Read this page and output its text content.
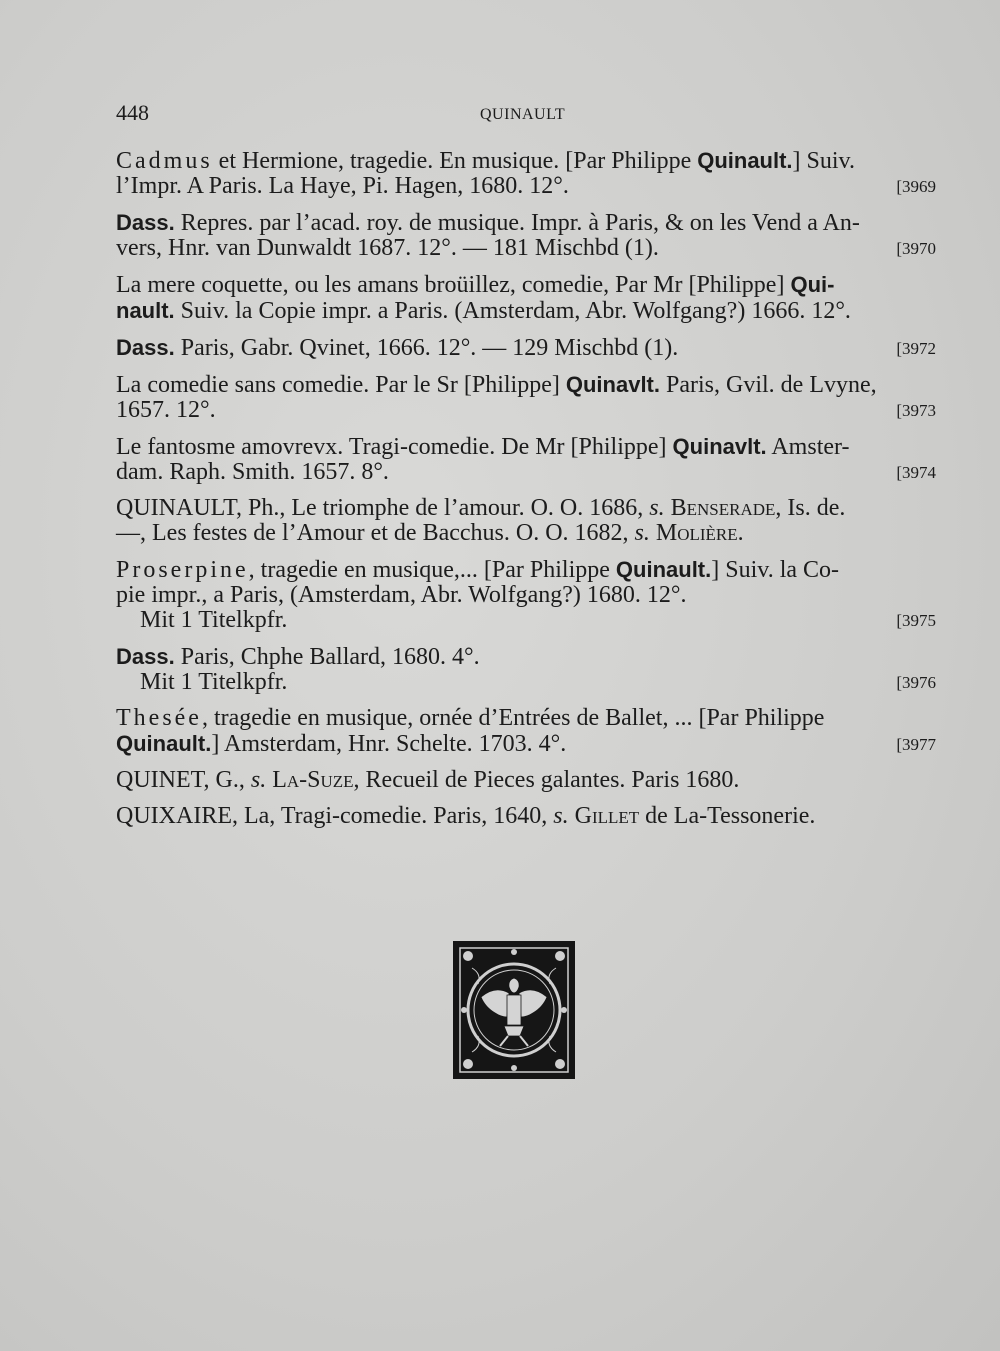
448	QUINAULT
Cadmus et Hermione, tragedie. En musique. [Par Philippe Quinault.] Suiv.
l’Impr. A Paris. La Haye, Pi. Hagen, 1680. 12°.	[3969
Dass. Repres. par l’acad. roy. de musique. Impr. à Paris, & on les Vend a An-
vers, Hnr. van Dunwaldt 1687. 12°. — 181 Mischbd (1).	[3970
La mere coquette, ou les amans broüillez, comedie, Par Mr [Philippe] Qui-
nault. Suiv. la Copie impr. a Paris. (Amsterdam, Abr. Wolfgang?) 1666. 12°.
Dass. Paris, Gabr. Qvinet, 1666. 12°. — 129 Mischbd (1).	[3972
La comedie sans comedie. Par le Sr [Philippe] Quinavlt. Paris, Gvil. de Lvyne,
1657. 12°.	[3973
Le fantosme amovrevx. Tragi-comedie. De Mr [Philippe] Quinavlt. Amster-
dam. Raph. Smith. 1657. 8°.	[3974
QUINAULT, Ph., Le triomphe de l’amour. O. O. 1686, s. Benserade, Is. de.
—, Les festes de l’Amour et de Bacchus. O. O. 1682, s. Molière.
Proserpine, tragedie en musique,... [Par Philippe Quinault.] Suiv. la Co-
pie impr., a Paris, (Amsterdam, Abr. Wolfgang?) 1680. 12°.
Mit 1 Titelkpfr.	[3975
Dass. Paris, Chphe Ballard, 1680. 4°.
Mit 1 Titelkpfr.	[3976
Thesée, tragedie en musique, ornée d’Entrées de Ballet, ... [Par Philippe
Quinault.] Amsterdam, Hnr. Schelte. 1703. 4°.	[3977
QUINET, G., s. La-Suze, Recueil de Pieces galantes. Paris 1680.
QUIXAIRE, La, Tragi-comedie. Paris, 1640, s. Gillet de La-Tessonerie.
